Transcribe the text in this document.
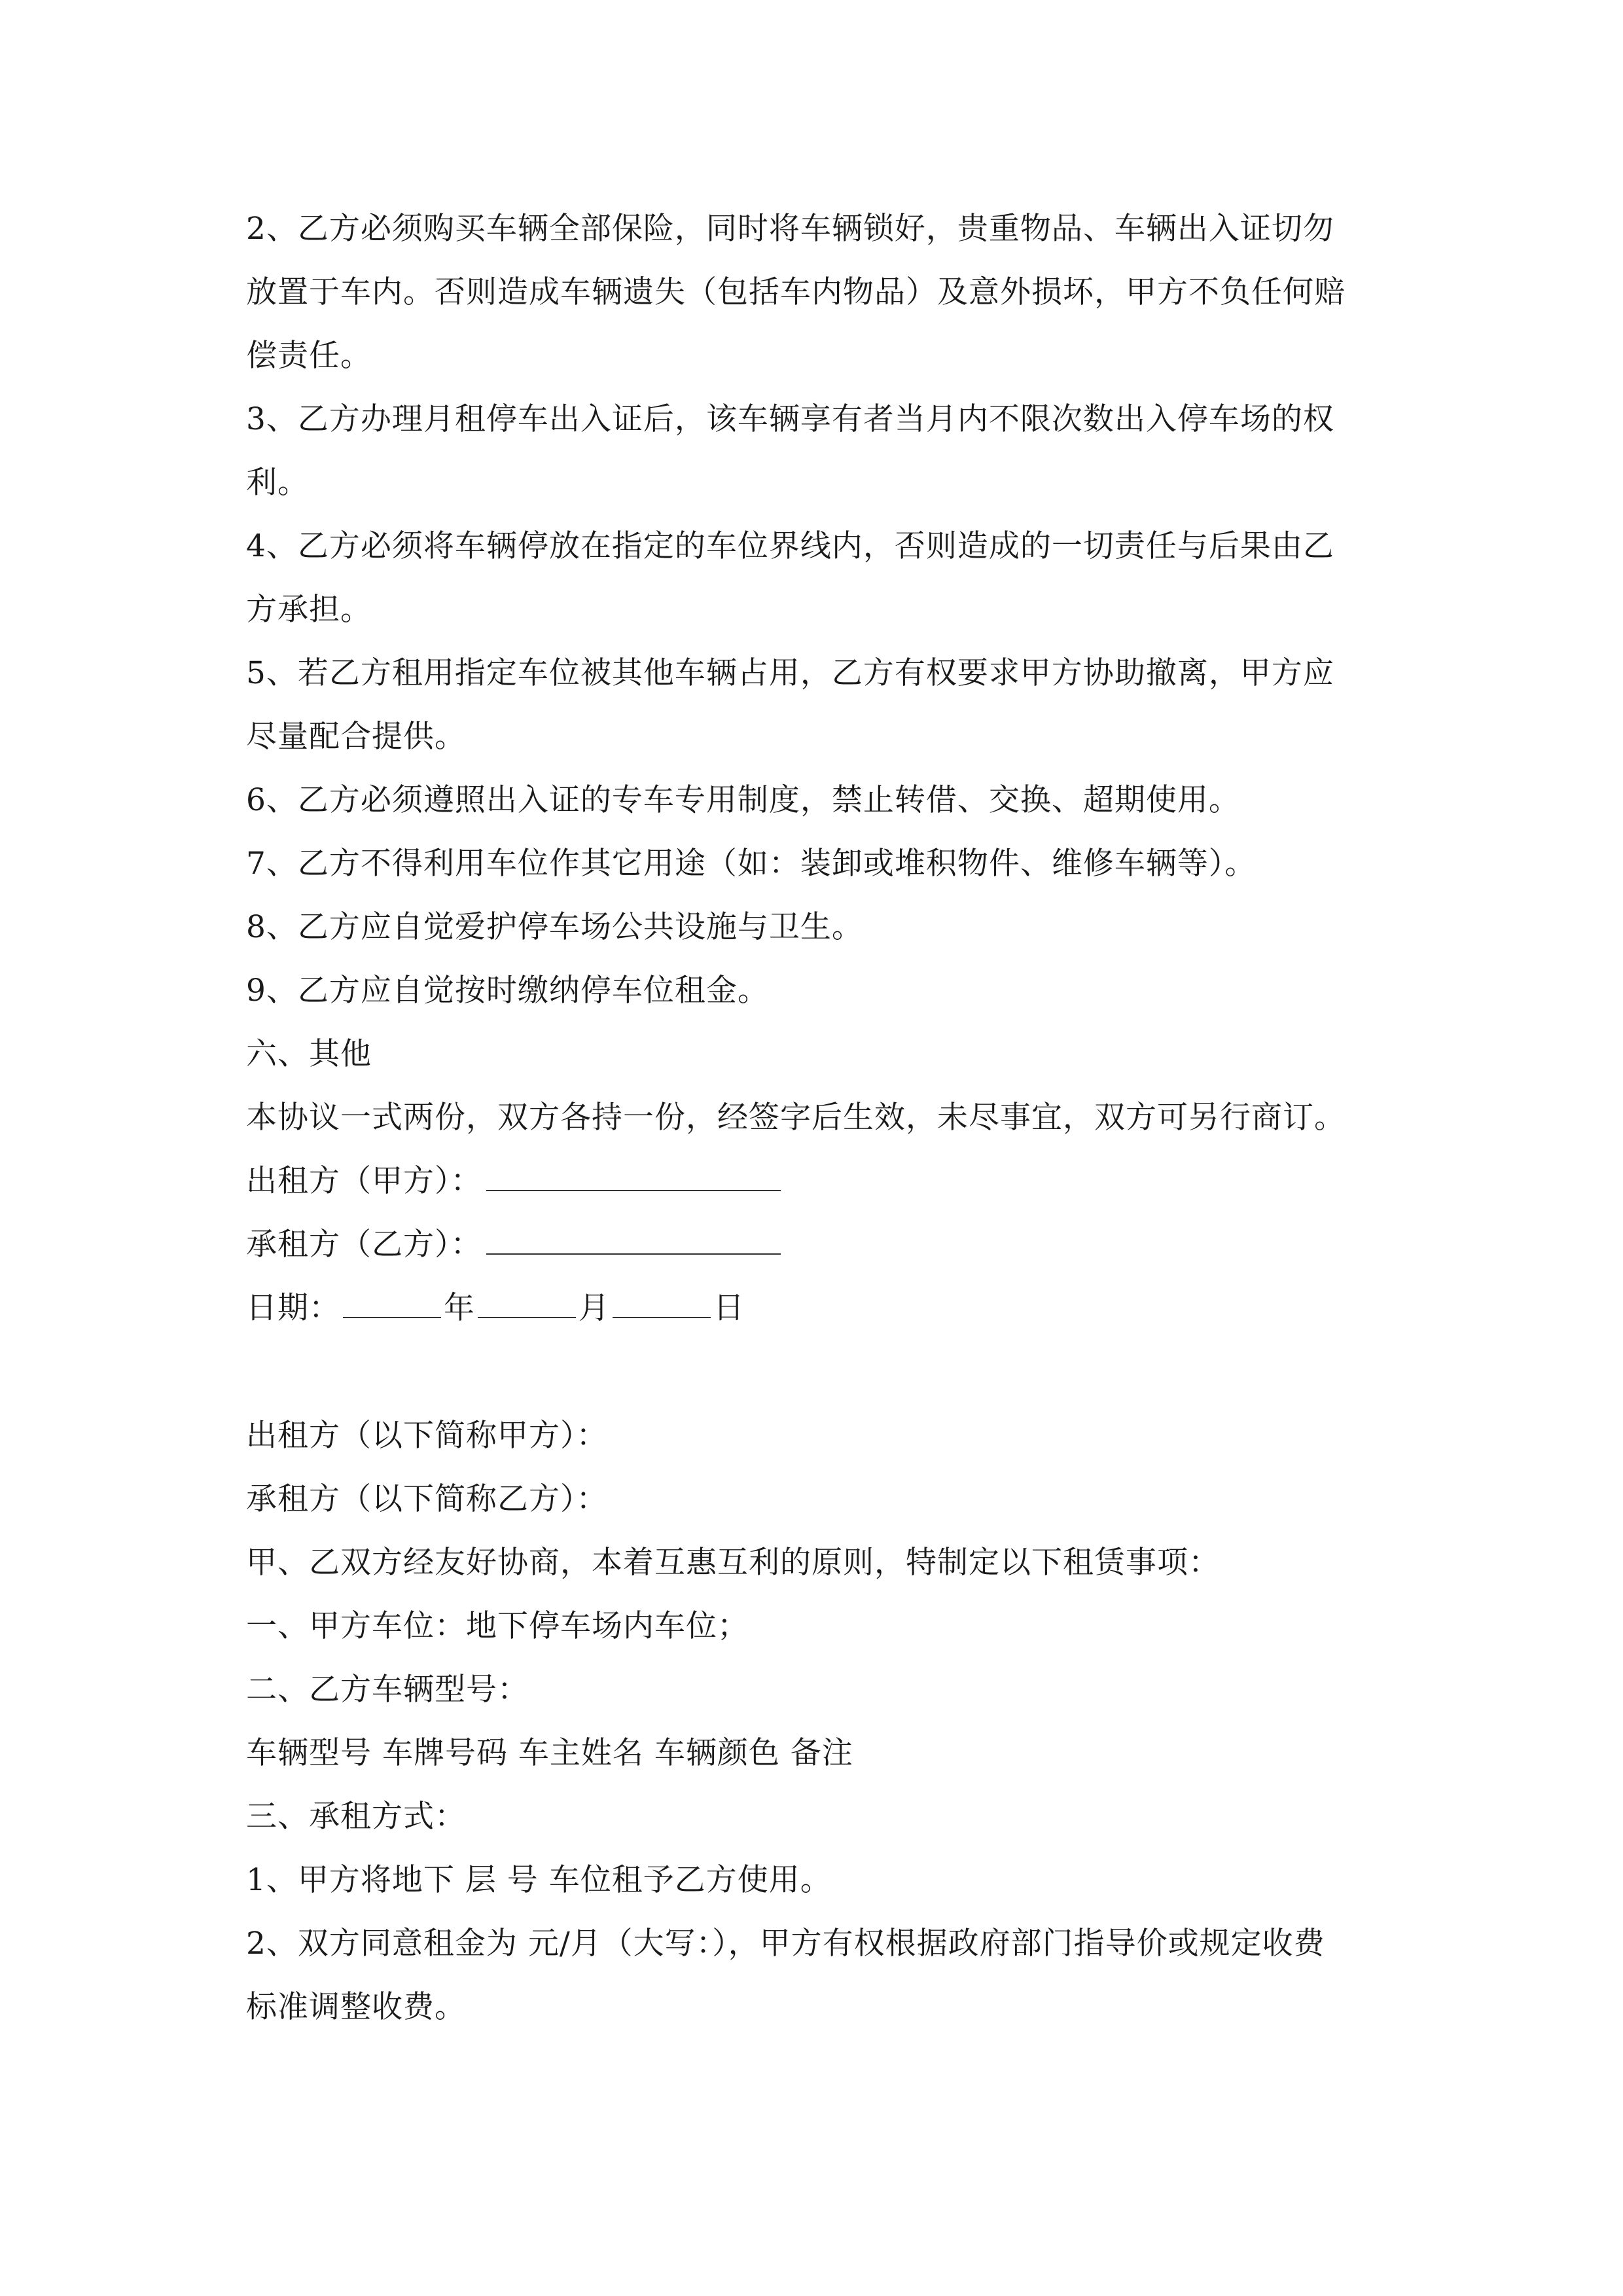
2、乙方必须购买车辆全部保险，同时将车辆锁好，贵重物品、车辆出入证切勿
放置于车内。否则造成车辆遗失（包括车内物品）及意外损坏，甲方不负任何赔
偿责任。
3、乙方办理月租停车出入证后，该车辆享有者当月内不限次数出入停车场的权
利。
4、乙方必须将车辆停放在指定的车位界线内，否则造成的一切责任与后果由乙
方承担。
5、若乙方租用指定车位被其他车辆占用，乙方有权要求甲方协助撤离，甲方应
尽量配合提供。
6、乙方必须遵照出入证的专车专用制度，禁止转借、交换、超期使用。
7、乙方不得利用车位作其它用途（如：装卸或堆积物件、维修车辆等）。
8、乙方应自觉爱护停车场公共设施与卫生。
9、乙方应自觉按时缴纳停车位租金。
六、其他
本协议一式两份，双方各持一份，经签字后生效，未尽事宜，双方可另行商订。
出租方（甲方）：
承租方（乙方）：
日期：	年	月	日
出租方（以下简称甲方）：
承租方（以下简称乙方）：
甲、乙双方经友好协商，本着互惠互利的原则，特制定以下租赁事项：
一、甲方车位：地下停车场内车位；
二、乙方车辆型号：
车辆型号 车牌号码 车主姓名 车辆颜色 备注
三、承租方式：
1、甲方将地下 层 号 车位租予乙方使用。
2、双方同意租金为 元/月（大写：），甲方有权根据政府部门指导价或规定收费
标准调整收费。
